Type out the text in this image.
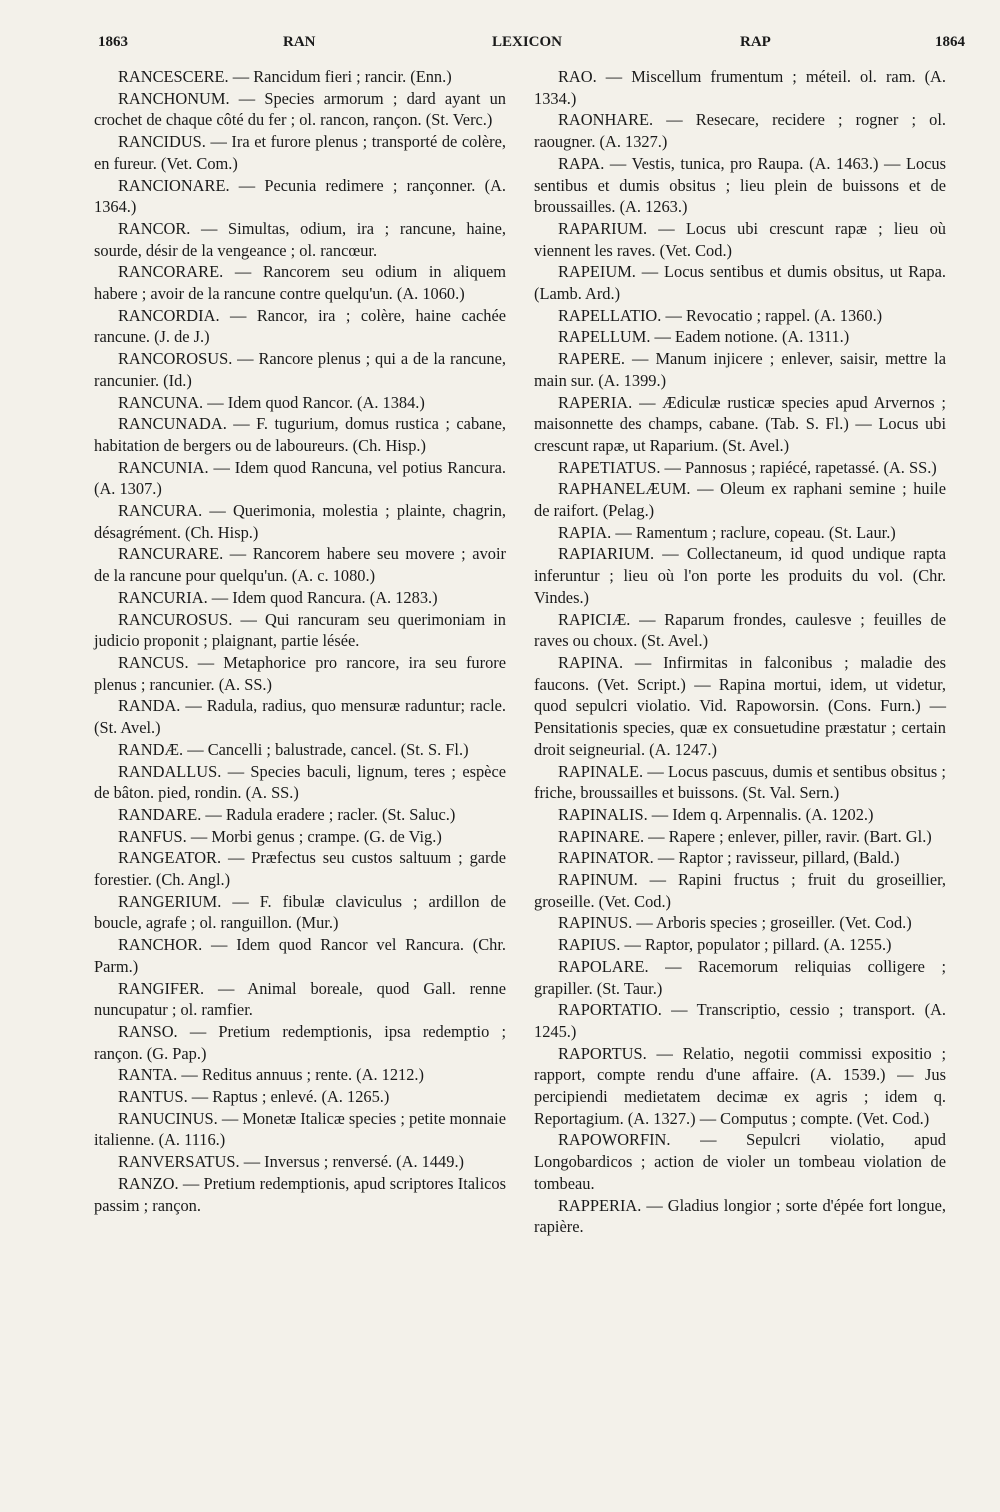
1863	RAN	LEXICON	RAP	1864

RANCESCERE. — Rancidum fieri ; rancir. (Enn.)

RANCHONUM. — Species armorum ; dard ayant un crochet de chaque côté du fer ; ol. rancon, rançon. (St. Verc.)

RANCIDUS. — Ira et furore plenus ; transporté de colère, en fureur. (Vet. Com.)

RANCIONARE. — Pecunia redimere ; rançonner. (A. 1364.)

RANCOR. — Simultas, odium, ira ; rancune, haine, sourde, désir de la vengeance ; ol. rancœur.

RANCORARE. — Rancorem seu odium in aliquem habere ; avoir de la rancune contre quelqu'un. (A. 1060.)

RANCORDIA. — Rancor, ira ; colère, haine cachée rancune. (J. de J.)

RANCOROSUS. — Rancore plenus ; qui a de la rancune, rancunier. (Id.)

RANCUNA. — Idem quod Rancor. (A. 1384.)

RANCUNADA. — F. tugurium, domus rustica ; cabane, habitation de bergers ou de laboureurs. (Ch. Hisp.)

RANCUNIA. — Idem quod Rancuna, vel potius Rancura. (A. 1307.)

RANCURA. — Querimonia, molestia ; plainte, chagrin, désagrément. (Ch. Hisp.)

RANCURARE. — Rancorem habere seu movere ; avoir de la rancune pour quelqu'un. (A. c. 1080.)

RANCURIA. — Idem quod Rancura. (A. 1283.)

RANCUROSUS. — Qui rancuram seu querimoniam in judicio proponit ; plaignant, partie lésée.

RANCUS. — Metaphorice pro rancore, ira seu furore plenus ; rancunier. (A. SS.)

RANDA. — Radula, radius, quo mensuræ raduntur; racle.(St. Avel.)

RANDÆ. — Cancelli ; balustrade, cancel. (St. S. Fl.)

RANDALLUS. — Species baculi, lignum, teres ; espèce de bâton. pied, rondin. (A. SS.)

RANDARE. — Radula eradere ; racler. (St. Saluc.)

RANFUS. — Morbi genus ; crampe. (G. de Vig.)

RANGEATOR. — Præfectus seu custos saltuum ; garde forestier. (Ch. Angl.)

RANGERIUM. — F. fibulæ claviculus ; ardillon de boucle, agrafe ; ol. ranguillon. (Mur.)

RANCHOR. — Idem quod Rancor vel Rancura. (Chr. Parm.)

RANGIFER. — Animal boreale, quod Gall. renne nuncupatur ; ol. ramfier.

RANSO. — Pretium redemptionis, ipsa redemptio ; rançon. (G. Pap.)

RANTA. — Reditus annuus ; rente. (A. 1212.)

RANTUS. — Raptus ; enlevé. (A. 1265.)

RANUCINUS. — Monetæ Italicæ species ; petite monnaie italienne. (A. 1116.)

RANVERSATUS. — Inversus ; renversé. (A. 1449.)

RANZO. — Pretium redemptionis, apud scriptores Italicos passim ; rançon.

RAO. — Miscellum frumentum ; méteil. ol. ram. (A. 1334.)

RAONHARE. — Resecare, recidere ; rogner ; ol. raougner. (A. 1327.)

RAPA. — Vestis, tunica, pro Raupa. (A. 1463.) — Locus sentibus et dumis obsitus ; lieu plein de buissons et de broussailles. (A. 1263.)

RAPARIUM. — Locus ubi crescunt rapæ ; lieu où viennent les raves. (Vet. Cod.)

RAPEIUM. — Locus sentibus et dumis obsitus, ut Rapa. (Lamb. Ard.)

RAPELLATIO. — Revocatio ; rappel. (A. 1360.)

RAPELLUM. — Eadem notione. (A. 1311.)

RAPERE. — Manum injicere ; enlever, saisir, mettre la main sur. (A. 1399.)

RAPERIA. — Ædiculæ rusticæ species apud Arvernos ; maisonnette des champs, cabane. (Tab. S. Fl.) — Locus ubi crescunt rapæ, ut Raparium. (St. Avel.)

RAPETIATUS. — Pannosus ; rapiécé, rapetassé. (A. SS.)

RAPHANELÆUM. — Oleum ex raphani semine ; huile de raifort. (Pelag.)

RAPIA. — Ramentum ; raclure, copeau. (St. Laur.)

RAPIARIUM. — Collectaneum, id quod undique rapta inferuntur ; lieu où l'on porte les produits du vol. (Chr. Vindes.)

RAPICIÆ. — Raparum frondes, caulesve ; feuilles de raves ou choux. (St. Avel.)

RAPINA. — Infirmitas in falconibus ; maladie des faucons. (Vet. Script.) — Rapina mortui, idem, ut videtur, quod sepulcri violatio. Vid. Rapoworsin. (Cons. Furn.) — Pensitationis species, quæ ex consuetudine præstatur ; certain droit seigneurial. (A. 1247.)

RAPINALE. — Locus pascuus, dumis et sentibus obsitus ; friche, broussailles et buissons. (St. Val. Sern.)

RAPINALIS. — Idem q. Arpennalis. (A. 1202.)

RAPINARE. — Rapere ; enlever, piller, ravir. (Bart. Gl.)

RAPINATOR. — Raptor ; ravisseur, pillard, (Bald.)

RAPINUM. — Rapini fructus ; fruit du groseillier, groseille. (Vet. Cod.)

RAPINUS. — Arboris species ; groseiller. (Vet. Cod.)

RAPIUS. — Raptor, populator ; pillard. (A. 1255.)

RAPOLARE. — Racemorum reliquias colligere ; grapiller. (St. Taur.)

RAPORTATIO. — Transcriptio, cessio ; transport. (A. 1245.)

RAPORTUS. — Relatio, negotii commissi expositio ; rapport, compte rendu d'une affaire. (A. 1539.) — Jus percipiendi medietatem decimæ ex agris ; idem q. Reportagium. (A. 1327.) — Computus ; compte. (Vet. Cod.)

RAPOWORFIN. — Sepulcri violatio, apud Longobardicos ; action de violer un tombeau violation de tombeau.

RAPPERIA. — Gladius longior ; sorte d'épée fort longue, rapière.
